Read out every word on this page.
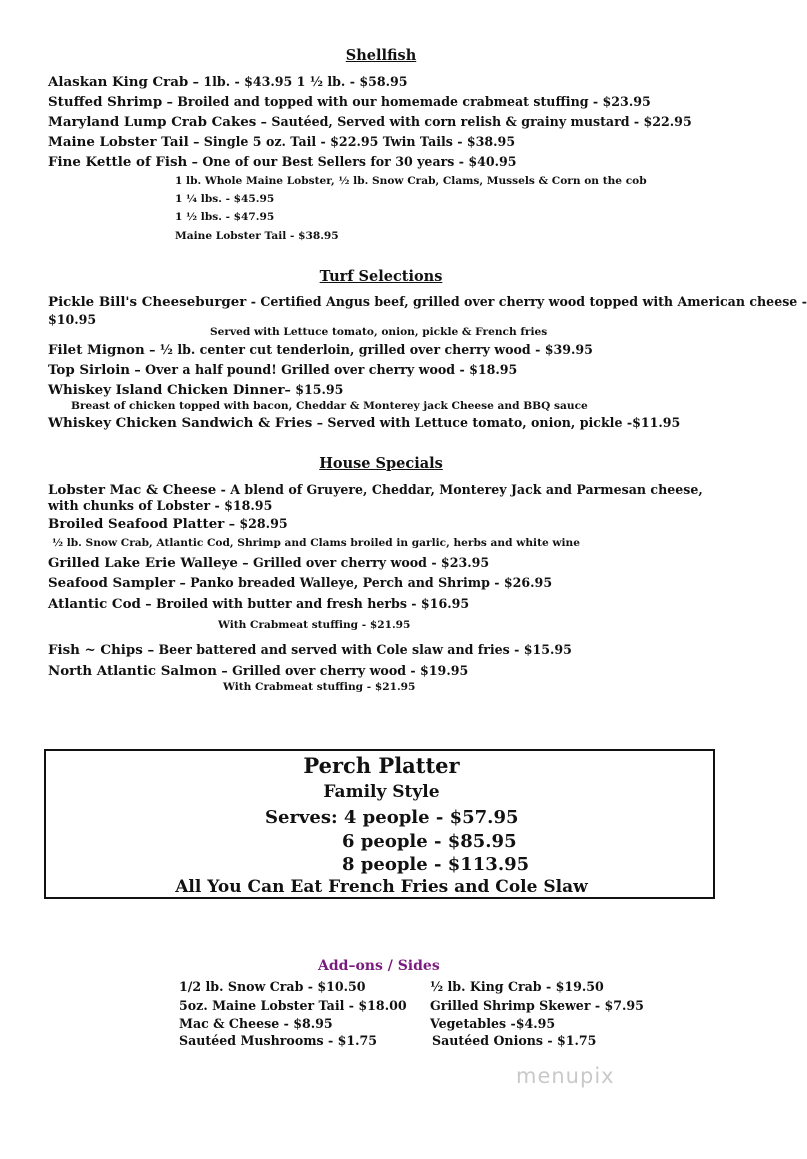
Shellfish
Alaskan King Crab – 1lb. - $43.95 1 ½ lb. - $58.95
Stuffed Shrimp – Broiled and topped with our homemade crabmeat stuffing - $23.95
Maryland Lump Crab Cakes – Sautéed, Served with corn relish & grainy mustard - $22.95
Maine Lobster Tail – Single 5 oz. Tail - $22.95 Twin Tails - $38.95
Fine Kettle of Fish – One of our Best Sellers for 30 years - $40.95
1 lb. Whole Maine Lobster, ½ lb. Snow Crab, Clams, Mussels & Corn on the cob
1 ¼ lbs. - $45.95
1 ½ lbs. - $47.95
Maine Lobster Tail - $38.95
Turf Selections
Pickle Bill's Cheeseburger - Certified Angus beef, grilled over cherry wood topped with American cheese -
$10.95
Served with Lettuce tomato, onion, pickle & French fries
Filet Mignon – ½ lb. center cut tenderloin, grilled over cherry wood - $39.95
Top Sirloin – Over a half pound! Grilled over cherry wood - $18.95
Whiskey Island Chicken Dinner– $15.95
Breast of chicken topped with bacon, Cheddar & Monterey jack Cheese and BBQ sauce
Whiskey Chicken Sandwich & Fries – Served with Lettuce tomato, onion, pickle -$11.95
House Specials
Lobster Mac & Cheese - A blend of Gruyere, Cheddar, Monterey Jack and Parmesan cheese,
with chunks of Lobster - $18.95
Broiled Seafood Platter – $28.95
½ lb. Snow Crab, Atlantic Cod, Shrimp and Clams broiled in garlic, herbs and white wine
Grilled Lake Erie Walleye – Grilled over cherry wood - $23.95
Seafood Sampler – Panko breaded Walleye, Perch and Shrimp - $26.95
Atlantic Cod – Broiled with butter and fresh herbs - $16.95
With Crabmeat stuffing - $21.95
Fish ~ Chips – Beer battered and served with Cole slaw and fries - $15.95
North Atlantic Salmon – Grilled over cherry wood - $19.95
With Crabmeat stuffing - $21.95
Perch Platter
Family Style
Serves: 4 people - $57.95
6 people - $85.95
8 people - $113.95
All You Can Eat French Fries and Cole Slaw
Add–ons / Sides
1/2 lb. Snow Crab - $10.50
5oz. Maine Lobster Tail - $18.00
Mac & Cheese - $8.95
Sautéed Mushrooms - $1.75
½ lb. King Crab - $19.50
Grilled Shrimp Skewer - $7.95
Vegetables -$4.95
Sautéed Onions - $1.75
menupix
